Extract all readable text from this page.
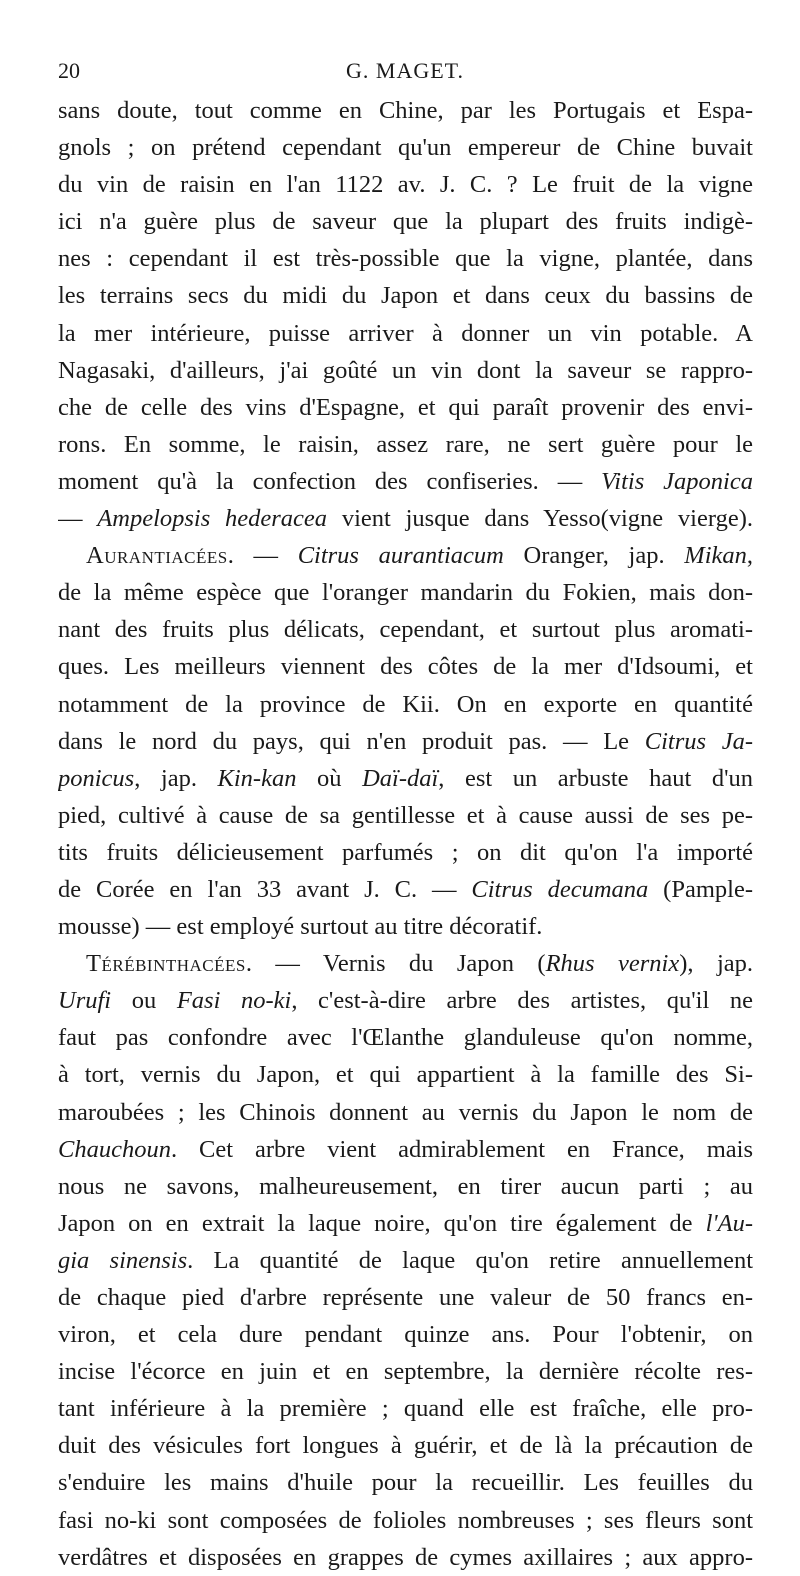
20	G. MAGET.
sans doute, tout comme en Chine, par les Portugais et Espa-
gnols ; on prétend cependant qu'un empereur de Chine buvait
du vin de raisin en l'an 1122 av. J. C. ? Le fruit de la vigne
ici n'a guère plus de saveur que la plupart des fruits indigè-
nes : cependant il est très-possible que la vigne, plantée, dans
les terrains secs du midi du Japon et dans ceux du bassins de
la mer intérieure, puisse arriver à donner un vin potable. A
Nagasaki, d'ailleurs, j'ai goûté un vin dont la saveur se rappro-
che de celle des vins d'Espagne, et qui paraît provenir des envi-
rons. En somme, le raisin, assez rare, ne sert guère pour le
moment qu'à la confection des confiseries. — Vitis Japonica
— Ampelopsis hederacea vient jusque dans Yesso(vigne vierge).
Aurantiacées. — Citrus aurantiacum Oranger, jap. Mikan,
de la même espèce que l'oranger mandarin du Fokien, mais don-
nant des fruits plus délicats, cependant, et surtout plus aromati-
ques. Les meilleurs viennent des côtes de la mer d'Idsoumi, et
notamment de la province de Kii. On en exporte en quantité
dans le nord du pays, qui n'en produit pas. — Le Citrus Ja-
ponicus, jap. Kin-kan où Daï-daï, est un arbuste haut d'un
pied, cultivé à cause de sa gentillesse et à cause aussi de ses pe-
tits fruits délicieusement parfumés ; on dit qu'on l'a importé
de Corée en l'an 33 avant J. C. — Citrus decumana (Pample-
mousse) — est employé surtout au titre décoratif.
Térébinthacées. — Vernis du Japon (Rhus vernix), jap.
Urufi ou Fasi no-ki, c'est-à-dire arbre des artistes, qu'il ne
faut pas confondre avec l'Œlanthe glanduleuse qu'on nomme,
à tort, vernis du Japon, et qui appartient à la famille des Si-
maroubées ; les Chinois donnent au vernis du Japon le nom de
Chauchoun. Cet arbre vient admirablement en France, mais
nous ne savons, malheureusement, en tirer aucun parti ; au
Japon on en extrait la laque noire, qu'on tire également de l'Au-
gia sinensis. La quantité de laque qu'on retire annuellement
de chaque pied d'arbre représente une valeur de 50 francs en-
viron, et cela dure pendant quinze ans. Pour l'obtenir, on
incise l'écorce en juin et en septembre, la dernière récolte res-
tant inférieure à la première ; quand elle est fraîche, elle pro-
duit des vésicules fort longues à guérir, et de là la précaution de
s'enduire les mains d'huile pour la recueillir. Les feuilles du
fasi no-ki sont composées de folioles nombreuses ; ses fleurs sont
verdâtres et disposées en grappes de cymes axillaires ; aux appro-
